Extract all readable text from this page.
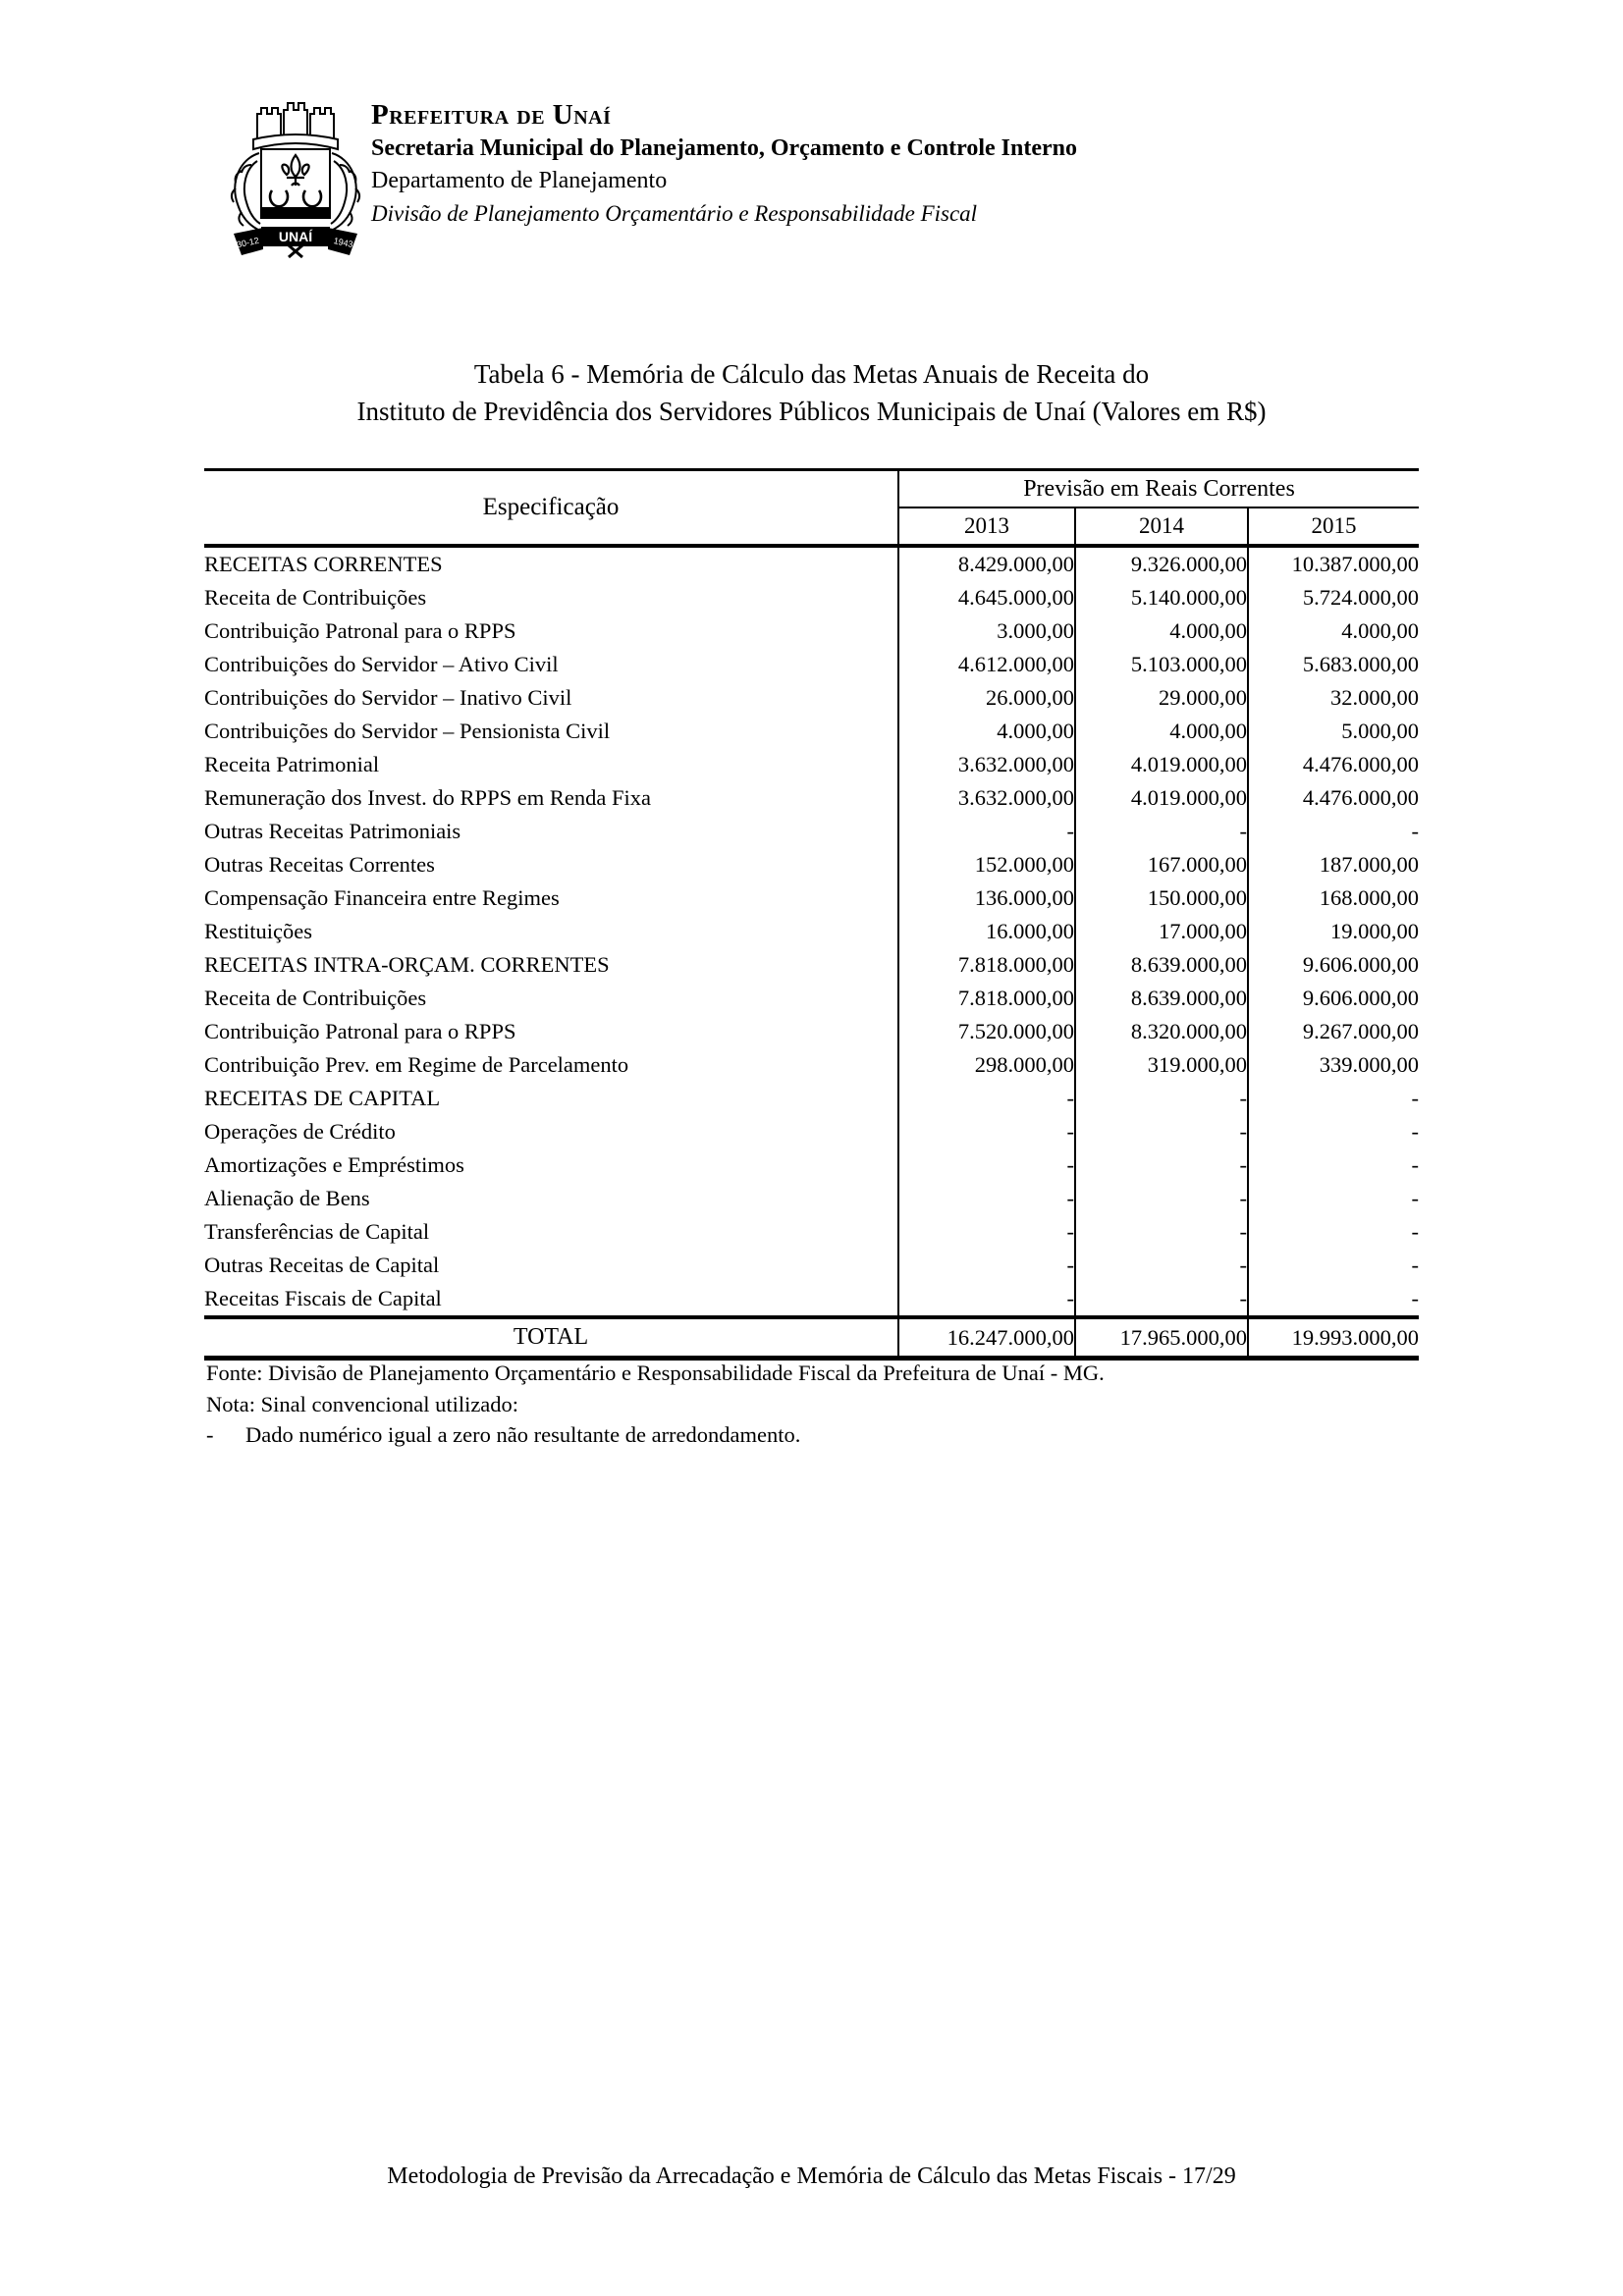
UNAÍ
30-12	1943
Prefeitura de Unaí
Secretaria Municipal do Planejamento, Orçamento e Controle Interno
Departamento de Planejamento
Divisão de Planejamento Orçamentário e Responsabilidade Fiscal
Tabela 6 - Memória de Cálculo das Metas Anuais de Receita do
Instituto de Previdência dos Servidores Públicos Municipais de Unaí (Valores em R$)
Especificação	Previsão em Reais Correntes		
	2013	2014	2015
RECEITAS CORRENTES	8.429.000,00	9.326.000,00	10.387.000,00
Receita de Contribuições	4.645.000,00	5.140.000,00	5.724.000,00
Contribuição Patronal para o RPPS	3.000,00	4.000,00	4.000,00
Contribuições do Servidor – Ativo Civil	4.612.000,00	5.103.000,00	5.683.000,00
Contribuições do Servidor – Inativo Civil	26.000,00	29.000,00	32.000,00
Contribuições do Servidor – Pensionista Civil	4.000,00	4.000,00	5.000,00
Receita Patrimonial	3.632.000,00	4.019.000,00	4.476.000,00
Remuneração dos Invest. do RPPS em Renda Fixa	3.632.000,00	4.019.000,00	4.476.000,00
Outras Receitas Patrimoniais	-	-	-
Outras Receitas Correntes	152.000,00	167.000,00	187.000,00
Compensação Financeira entre Regimes	136.000,00	150.000,00	168.000,00
Restituições	16.000,00	17.000,00	19.000,00
RECEITAS INTRA-ORÇAM. CORRENTES	7.818.000,00	8.639.000,00	9.606.000,00
Receita de Contribuições	7.818.000,00	8.639.000,00	9.606.000,00
Contribuição Patronal para o RPPS	7.520.000,00	8.320.000,00	9.267.000,00
Contribuição Prev. em Regime de Parcelamento	298.000,00	319.000,00	339.000,00
RECEITAS DE CAPITAL	-	-	-
Operações de Crédito	-	-	-
Amortizações e Empréstimos	-	-	-
Alienação de Bens	-	-	-
Transferências de Capital	-	-	-
Outras Receitas de Capital	-	-	-
Receitas Fiscais de Capital	-	-	-
TOTAL	16.247.000,00	17.965.000,00	19.993.000,00
Fonte: Divisão de Planejamento Orçamentário e Responsabilidade Fiscal da Prefeitura de Unaí - MG.
Nota: Sinal convencional utilizado:
-	Dado numérico igual a zero não resultante de arredondamento.
Metodologia de Previsão da Arrecadação e Memória de Cálculo das Metas Fiscais - 17/29
